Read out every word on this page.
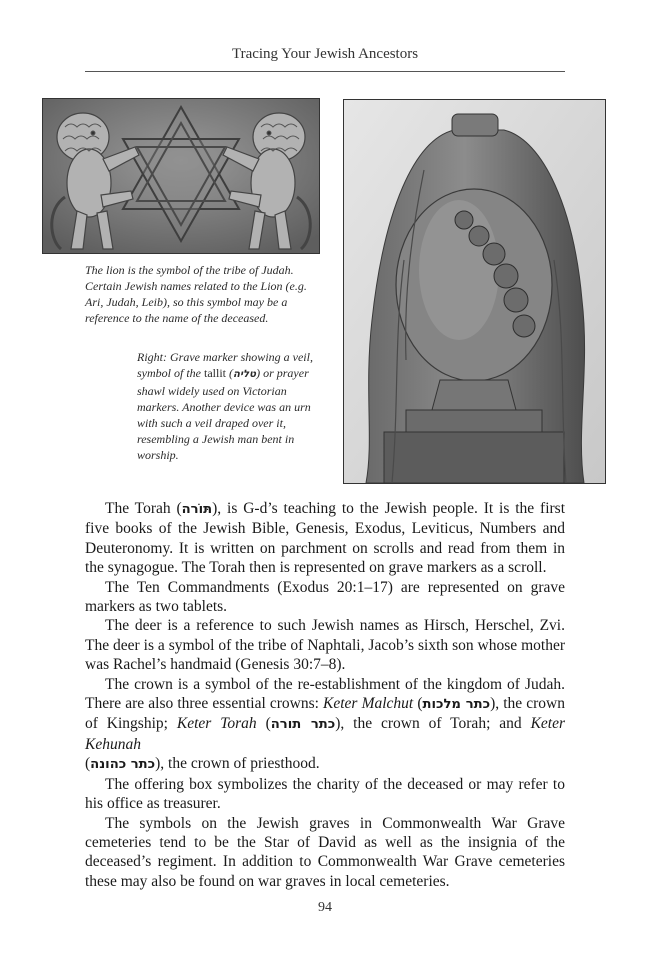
Tracing Your Jewish Ancestors
The lion is the symbol of the tribe of Judah. Certain Jewish names related to the Lion (e.g. Ari, Judah, Leib), so this symbol may be a reference to the name of the deceased.
Right: Grave marker showing a veil, symbol of the tallit (טליה) or prayer shawl widely used on Victorian markers. Another device was an urn with such a veil draped over it, resembling a Jewish man bent in worship.

The Torah (תּוֹרה), is G-d’s teaching to the Jewish people. It is the first five books of the Jewish Bible, Genesis, Exodus, Leviticus, Numbers and Deuteronomy. It is written on parchment on scrolls and read from them in the synagogue. The Torah then is represented on grave markers as a scroll.

The Ten Commandments (Exodus 20:1–17) are represented on grave markers as two tablets.

The deer is a reference to such Jewish names as Hirsch, Herschel, Zvi. The deer is a symbol of the tribe of Naphtali, Jacob’s sixth son whose mother was Rachel’s handmaid (Genesis 30:7–8).

The crown is a symbol of the re-establishment of the kingdom of Judah. There are also three essential crowns: Keter Malchut (כתר מלכות), the crown of Kingship; Keter Torah (כתר תורה), the crown of Torah; and Keter Kehunah
(כתר כהונה), the crown of priesthood.

The offering box symbolizes the charity of the deceased or may refer to his office as treasurer.

The symbols on the Jewish graves in Commonwealth War Grave cemeteries tend to be the Star of David as well as the insignia of the deceased’s regiment. In addition to Commonwealth War Grave cemeteries these may also be found on war graves in local cemeteries.

94
